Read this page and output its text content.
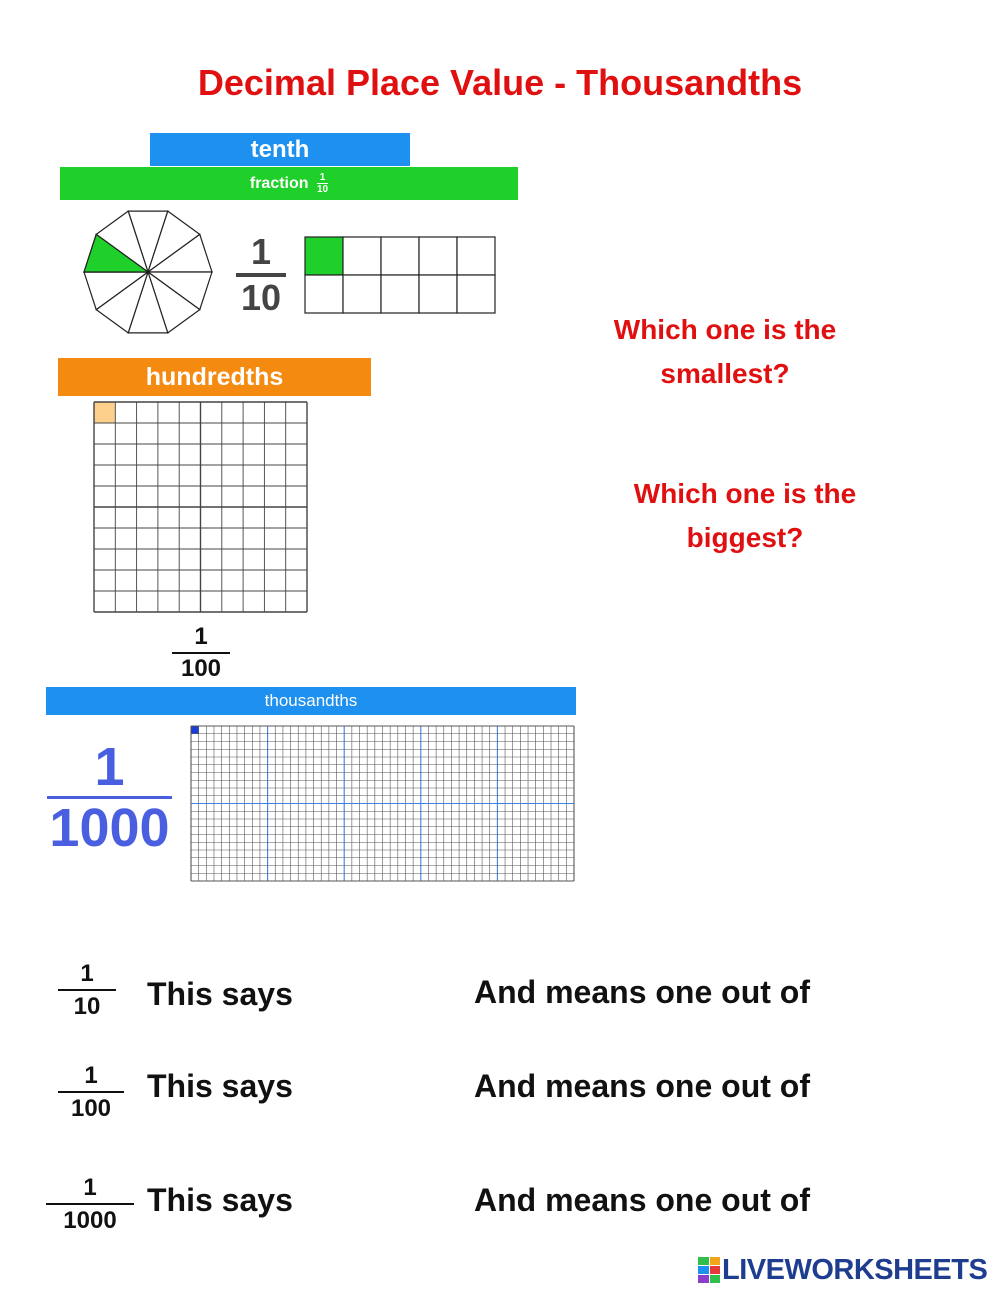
Decimal Place Value - Thousandths
tenth
fraction $\frac{1}{10}$
1
10
Which one is the smallest?
Which one is the biggest?
hundredths
1
100
thousandths
1
1000
1
10	This says	And means one out of
1
100
This says	And means one out of
1
1000
This says	And means one out of
LIVEWORKSHEETS
